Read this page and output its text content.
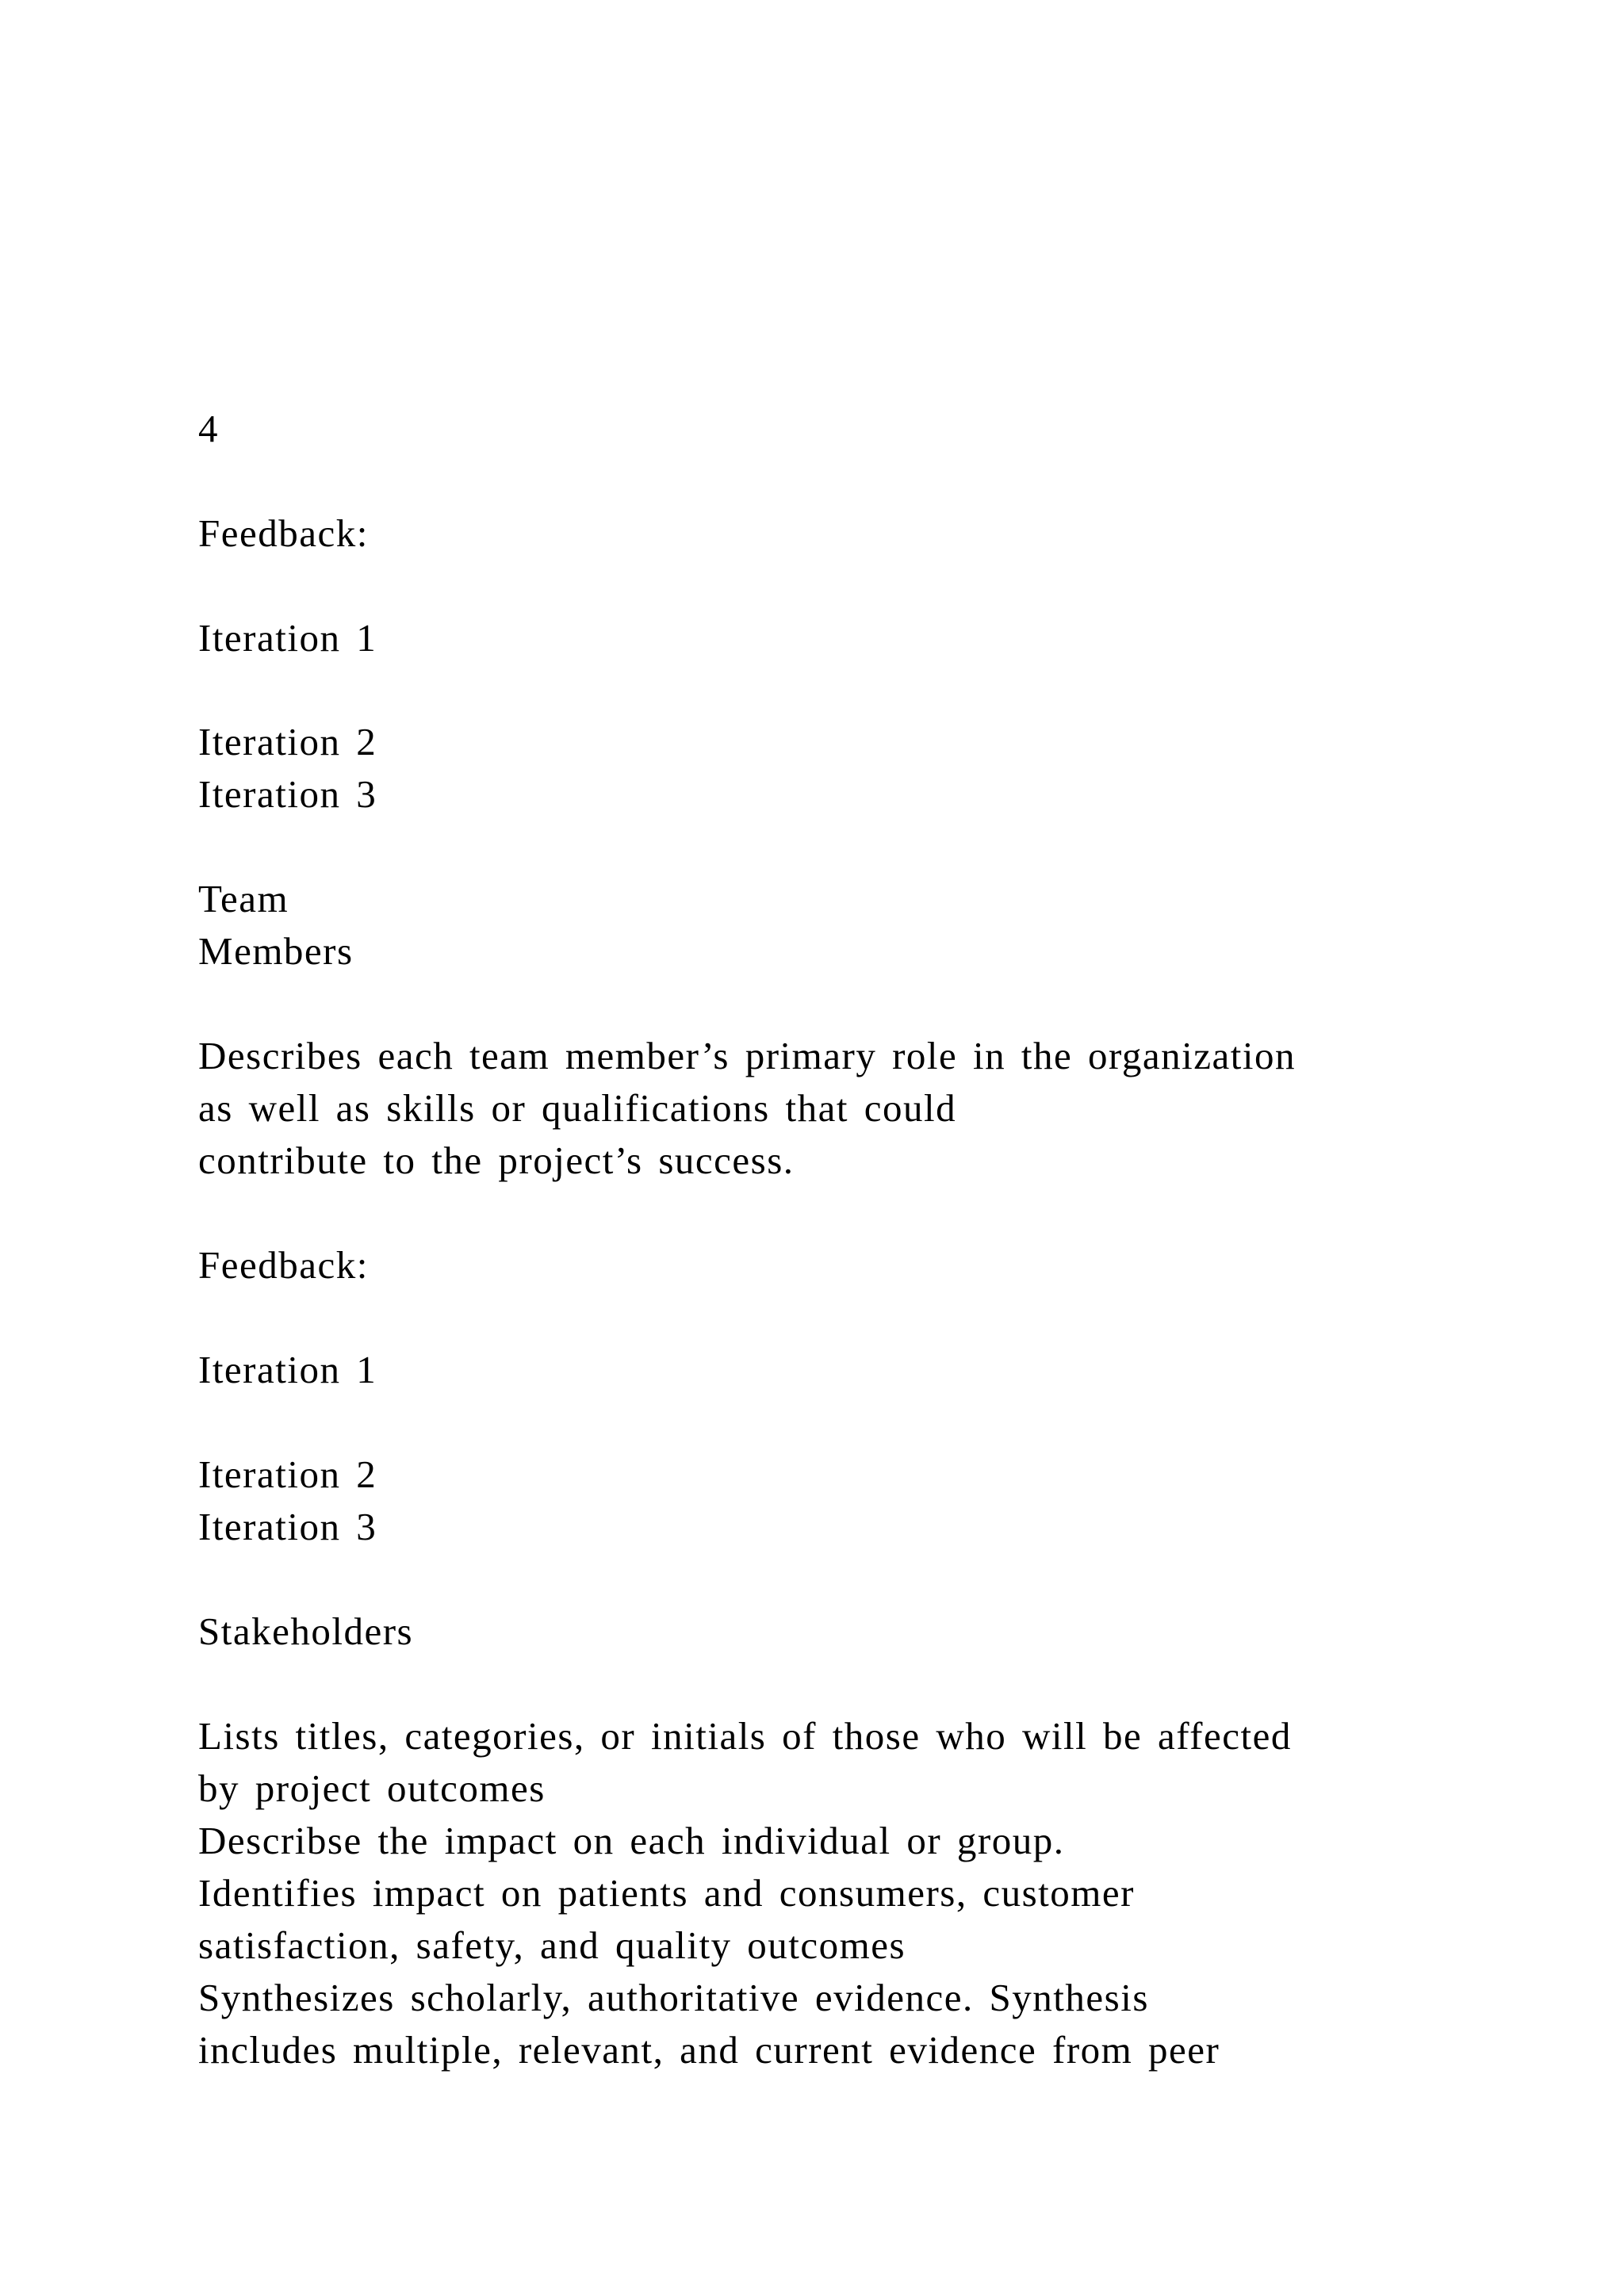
4
Feedback:
Iteration 1
Iteration 2
Iteration 3
Team
Members
Describes each team member’s primary role in the organization
as well as skills or qualifications that could
contribute to the project’s success.
Feedback:
Iteration 1
Iteration 2
Iteration 3
Stakeholders
Lists titles, categories, or initials of those who will be affected
by project outcomes
Describse the impact on each individual or group.
Identifies impact on patients and consumers, customer
satisfaction, safety, and quality outcomes
Synthesizes scholarly, authoritative evidence. Synthesis
includes multiple, relevant, and current evidence from peer
